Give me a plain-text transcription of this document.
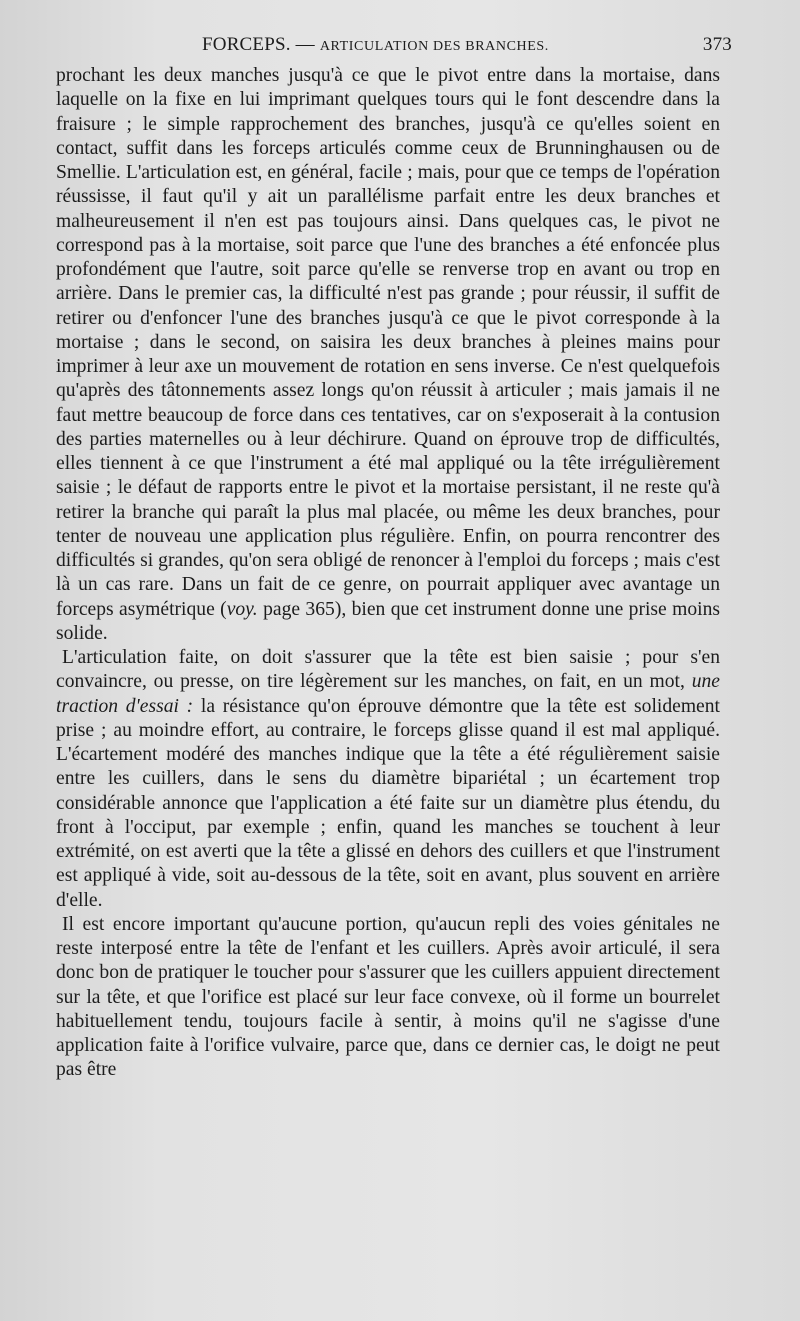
FORCEPS. — ARTICULATION DES BRANCHES.	373

prochant les deux manches jusqu'à ce que le pivot entre dans la mortaise, dans laquelle on la fixe en lui imprimant quelques tours qui le font descendre dans la fraisure ; le simple rapprochement des branches, jusqu'à ce qu'elles soient en contact, suffit dans les forceps articulés comme ceux de Brunninghausen ou de Smellie. L'articulation est, en général, facile ; mais, pour que ce temps de l'opération réussisse, il faut qu'il y ait un parallélisme parfait entre les deux branches et malheureusement il n'en est pas toujours ainsi. Dans quelques cas, le pivot ne correspond pas à la mortaise, soit parce que l'une des branches a été enfoncée plus profondément que l'autre, soit parce qu'elle se renverse trop en avant ou trop en arrière. Dans le premier cas, la difficulté n'est pas grande ; pour réussir, il suffit de retirer ou d'enfoncer l'une des branches jusqu'à ce que le pivot corresponde à la mortaise ; dans le second, on saisira les deux branches à pleines mains pour imprimer à leur axe un mouvement de rotation en sens inverse. Ce n'est quelquefois qu'après des tâtonnements assez longs qu'on réussit à articuler ; mais jamais il ne faut mettre beaucoup de force dans ces tentatives, car on s'exposerait à la contusion des parties maternelles ou à leur déchirure. Quand on éprouve trop de difficultés, elles tiennent à ce que l'instrument a été mal appliqué ou la tête irrégulièrement saisie ; le défaut de rapports entre le pivot et la mortaise persistant, il ne reste qu'à retirer la branche qui paraît la plus mal placée, ou même les deux branches, pour tenter de nouveau une application plus régulière. Enfin, on pourra rencontrer des difficultés si grandes, qu'on sera obligé de renoncer à l'emploi du forceps ; mais c'est là un cas rare. Dans un fait de ce genre, on pourrait appliquer avec avantage un forceps asymétrique (voy. page 365), bien que cet instrument donne une prise moins solide.

L'articulation faite, on doit s'assurer que la tête est bien saisie ; pour s'en convaincre, ou presse, on tire légèrement sur les manches, on fait, en un mot, une traction d'essai : la résistance qu'on éprouve démontre que la tête est solidement prise ; au moindre effort, au contraire, le forceps glisse quand il est mal appliqué. L'écartement modéré des manches indique que la tête a été régulièrement saisie entre les cuillers, dans le sens du diamètre bipariétal ; un écartement trop considérable annonce que l'application a été faite sur un diamètre plus étendu, du front à l'occiput, par exemple ; enfin, quand les manches se touchent à leur extrémité, on est averti que la tête a glissé en dehors des cuillers et que l'instrument est appliqué à vide, soit au-dessous de la tête, soit en avant, plus souvent en arrière d'elle.

Il est encore important qu'aucune portion, qu'aucun repli des voies génitales ne reste interposé entre la tête de l'enfant et les cuillers. Après avoir articulé, il sera donc bon de pratiquer le toucher pour s'assurer que les cuillers appuient directement sur la tête, et que l'orifice est placé sur leur face convexe, où il forme un bourrelet habituellement tendu, toujours facile à sentir, à moins qu'il ne s'agisse d'une application faite à l'orifice vulvaire, parce que, dans ce dernier cas, le doigt ne peut pas être
